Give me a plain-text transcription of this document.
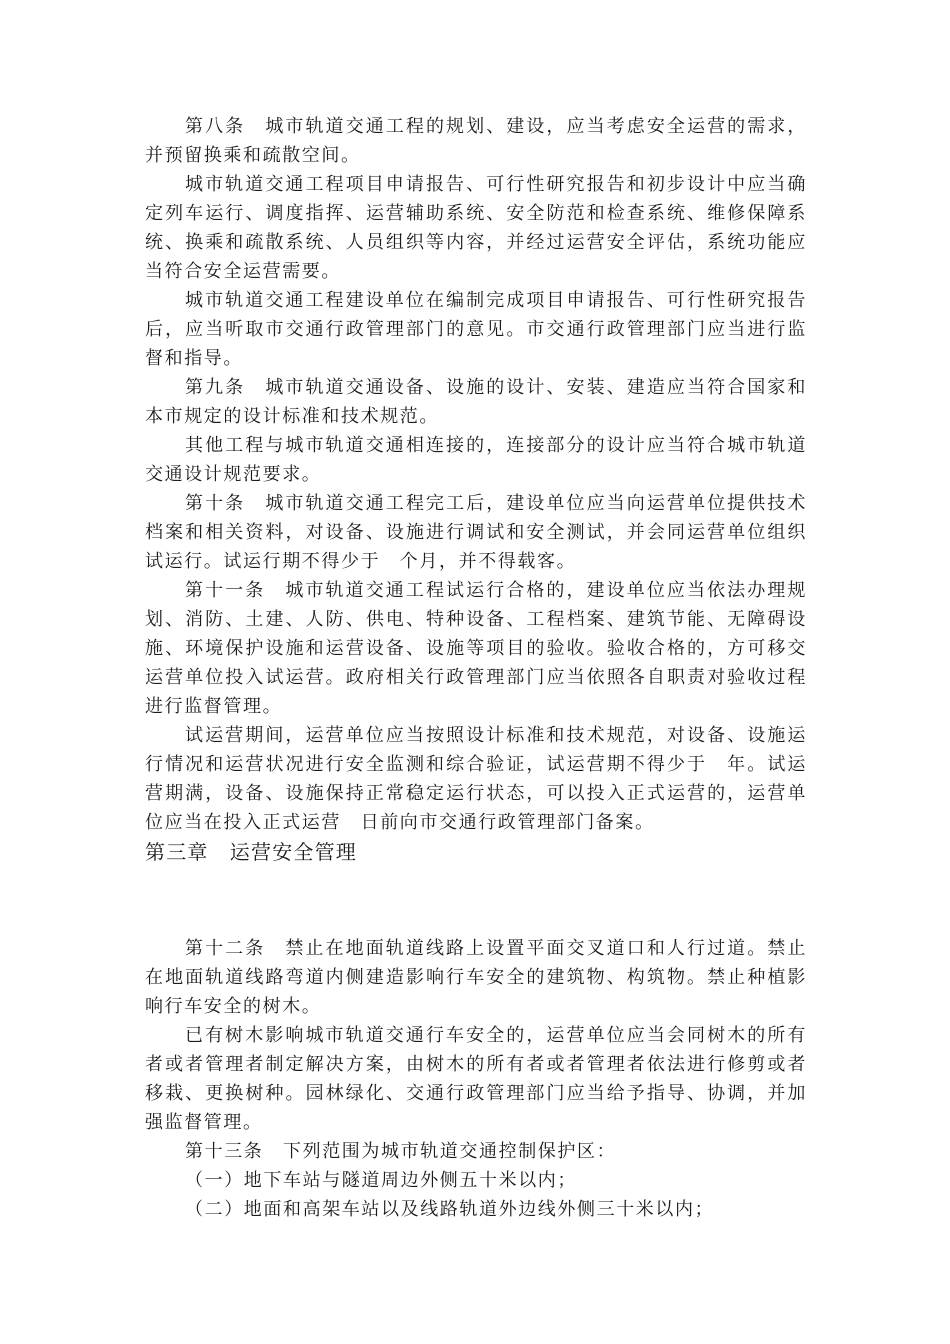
第八条　城市轨道交通工程的规划、建设，应当考虑安全运营的需求，并预留换乘和疏散空间。

城市轨道交通工程项目申请报告、可行性研究报告和初步设计中应当确定列车运行、调度指挥、运营辅助系统、安全防范和检查系统、维修保障系统、换乘和疏散系统、人员组织等内容，并经过运营安全评估，系统功能应当符合安全运营需要。

城市轨道交通工程建设单位在编制完成项目申请报告、可行性研究报告后，应当听取市交通行政管理部门的意见。市交通行政管理部门应当进行监督和指导。

第九条　城市轨道交通设备、设施的设计、安装、建造应当符合国家和本市规定的设计标准和技术规范。

其他工程与城市轨道交通相连接的，连接部分的设计应当符合城市轨道交通设计规范要求。

第十条　城市轨道交通工程完工后，建设单位应当向运营单位提供技术档案和相关资料，对设备、设施进行调试和安全测试，并会同运营单位组织试运行。试运行期不得少于　个月，并不得载客。

第十一条　城市轨道交通工程试运行合格的，建设单位应当依法办理规划、消防、土建、人防、供电、特种设备、工程档案、建筑节能、无障碍设施、环境保护设施和运营设备、设施等项目的验收。验收合格的，方可移交运营单位投入试运营。政府相关行政管理部门应当依照各自职责对验收过程进行监督管理。

试运营期间，运营单位应当按照设计标准和技术规范，对设备、设施运行情况和运营状况进行安全监测和综合验证，试运营期不得少于　年。试运营期满，设备、设施保持正常稳定运行状态，可以投入正式运营的，运营单位应当在投入正式运营　日前向市交通行政管理部门备案。

第三章　运营安全管理

第十二条　禁止在地面轨道线路上设置平面交叉道口和人行过道。禁止在地面轨道线路弯道内侧建造影响行车安全的建筑物、构筑物。禁止种植影响行车安全的树木。

已有树木影响城市轨道交通行车安全的，运营单位应当会同树木的所有者或者管理者制定解决方案，由树木的所有者或者管理者依法进行修剪或者移栽、更换树种。园林绿化、交通行政管理部门应当给予指导、协调，并加强监督管理。

第十三条　下列范围为城市轨道交通控制保护区：

（一）地下车站与隧道周边外侧五十米以内；

（二）地面和高架车站以及线路轨道外边线外侧三十米以内；
